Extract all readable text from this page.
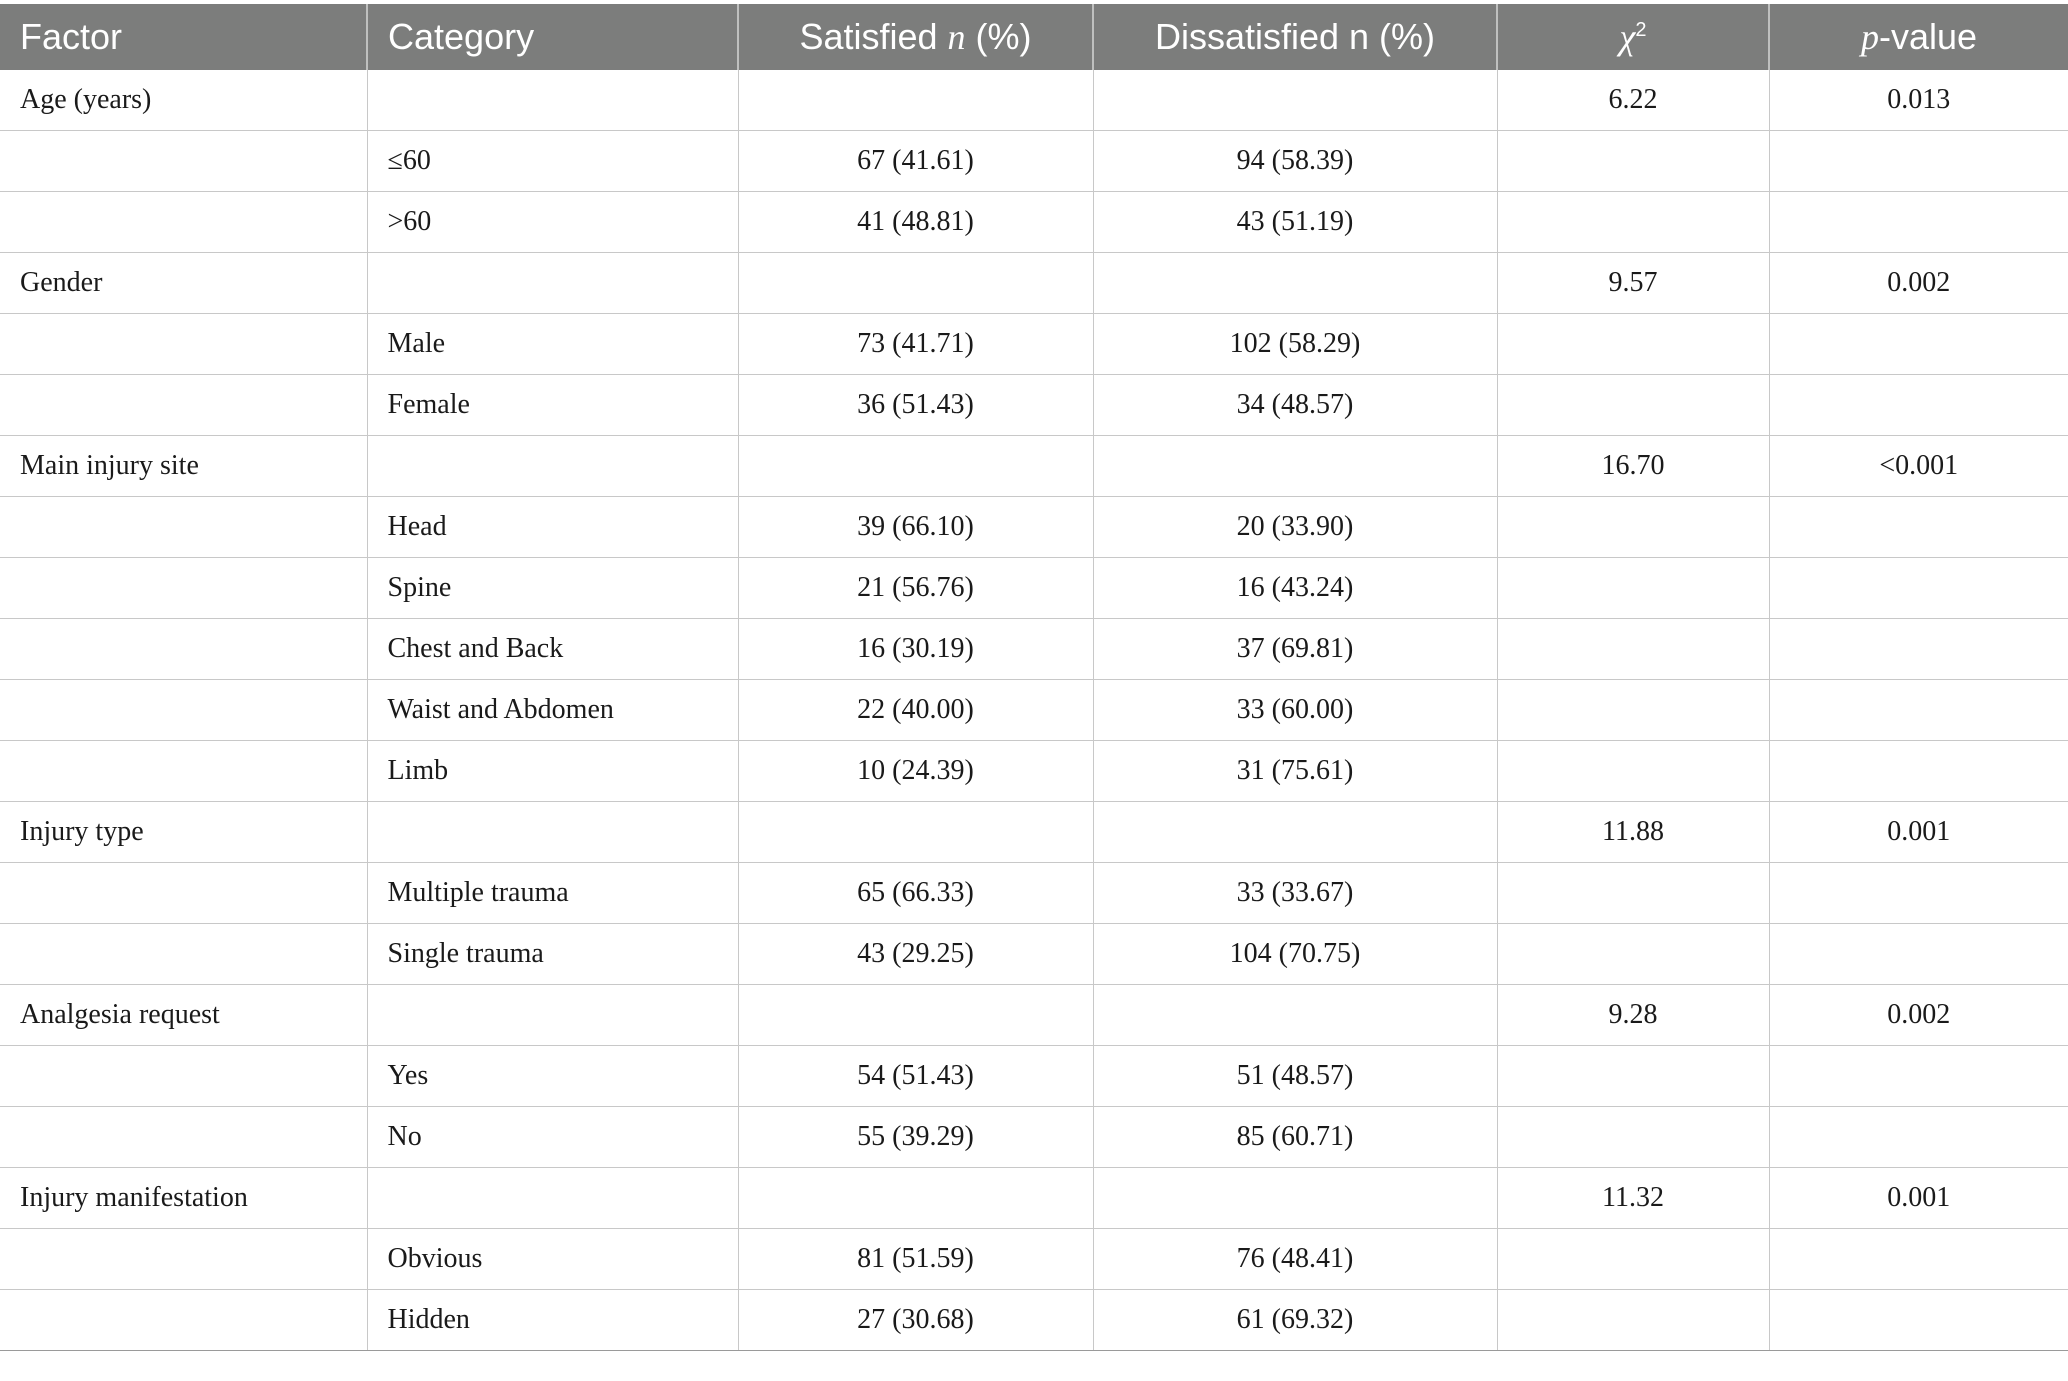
Factor	Category	Satisfied n (%)	Dissatisfied n (%)	$\chi^2$	p-value
Age (years)				6.22	0.013
	≤60	67 (41.61)	94 (58.39)		
	>60	41 (48.81)	43 (51.19)		
Gender				9.57	0.002
	Male	73 (41.71)	102 (58.29)		
	Female	36 (51.43)	34 (48.57)		
Main injury site				16.70	<0.001
	Head	39 (66.10)	20 (33.90)		
	Spine	21 (56.76)	16 (43.24)		
	Chest and Back	16 (30.19)	37 (69.81)		
	Waist and Abdomen	22 (40.00)	33 (60.00)		
	Limb	10 (24.39)	31 (75.61)		
Injury type				11.88	0.001
	Multiple trauma	65 (66.33)	33 (33.67)		
	Single trauma	43 (29.25)	104 (70.75)		
Analgesia request				9.28	0.002
	Yes	54 (51.43)	51 (48.57)		
	No	55 (39.29)	85 (60.71)		
Injury manifestation				11.32	0.001
	Obvious	81 (51.59)	76 (48.41)		
	Hidden	27 (30.68)	61 (69.32)		
